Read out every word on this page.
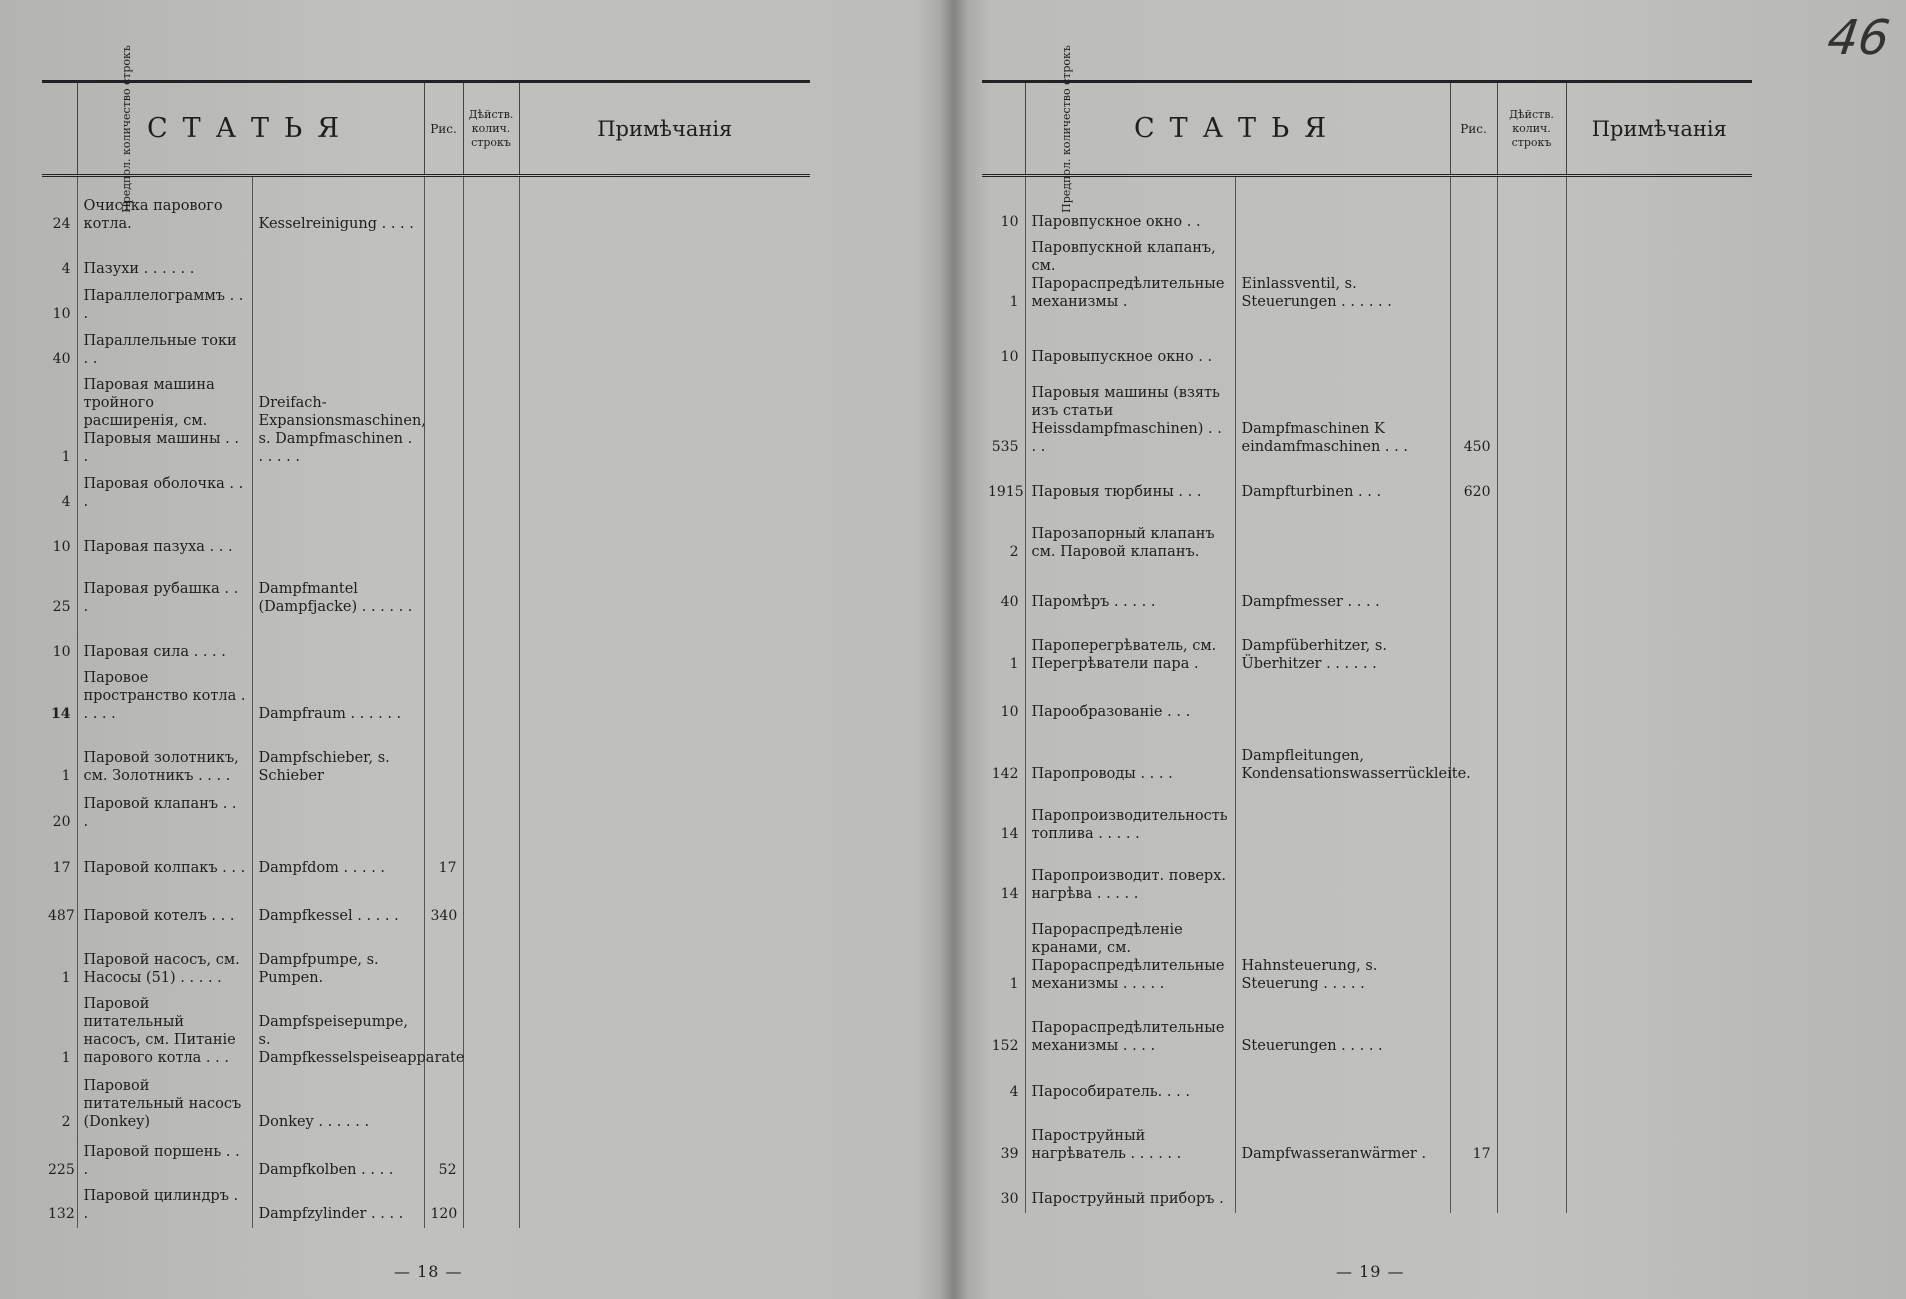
46
Предпол. количество строкъ	СТАТЬЯ		Рис.	Дѣйств. колич. строкъ	Примѣчанія
24	Очистка парового котла.	Kesselreinigung . . . .			
4	Пазухи . . . . . .				
10	Параллелограммъ . . .				
40	Параллельные токи . .				
1	Паровая машина тройного расширенія, см. Паровыя машины . . .	Dreifach-Expansionsmaschinen, s. Dampfmaschinen . . . . . .			
4	Паровая оболочка . . .				
10	Паровая пазуха . . .				
25	Паровая рубашка . . .	Dampfmantel (Dampfjacke) . . . . . .			
10	Паровая сила . . . .				
14	Паровое пространство котла . . . . .	Dampfraum . . . . . .			
1	Паровой золотникъ, см. Золотникъ . . . .	Dampfschieber, s. Schieber			
20	Паровой клапанъ . . .				
17	Паровой колпакъ . . .	Dampfdom . . . . .	17		
487	Паровой котелъ . . .	Dampfkessel . . . . .	340		
1	Паровой насосъ, см. Насосы (51) . . . . .	Dampfpumpe, s. Pumpen.			
1	Паровой питательный насосъ, см. Питаніе парового котла . . .	Dampfspeisepumpe, s. Dampfkesselspeiseapparate			
2	Паровой питательный насосъ (Donkey)	Donkey . . . . . .			
225	Паровой поршень . . .	Dampfkolben . . . .	52		
132	Паровой цилиндръ . .	Dampfzylinder . . . .	120		
Предпол. количество строкъ	СТАТЬЯ		Рис.	Дѣйств. колич. строкъ	Примѣчанія
10	Паровпускное окно . .				
1	Паровпускной клапанъ, см. Парораспредѣлительные механизмы .	Einlassventil, s. Steuerungen . . . . . .			
10	Паровыпускное окно . .				
535	Паровыя машины (взять изъ статьи Heissdampfmaschinen) . . . .	Dampfmaschinen K eindamfmaschinen . . .	450		
1915	Паровыя тюрбины . . .	Dampfturbinen . . .	620		
2	Парозапорный клапанъ см. Паровой клапанъ.				
40	Паромѣръ . . . . .	Dampfmesser . . . .			
1	Пароперегрѣватель, см. Перегрѣватели пара .	Dampfüberhitzer, s. Überhitzer . . . . . .			
10	Парообразованіе . . .				
142	Паропроводы . . . .	Dampfleitungen, Kondensationswasserrückleite.			
14	Паропроизводительность топлива . . . . .				
14	Паропроизводит. поверх. нагрѣва . . . . .				
1	Парораспредѣленіе кранами, см. Парораспредѣлительные механизмы . . . . .	Hahnsteuerung, s. Steuerung . . . . .			
152	Парораспредѣлительные механизмы . . . .	Steuerungen . . . . .			
4	Парособиратель. . . .				
39	Пароструйный нагрѣватель . . . . . .	Dampfwasseranwärmer .	17		
30	Пароструйный приборъ .				
— 18 —	— 19 —
